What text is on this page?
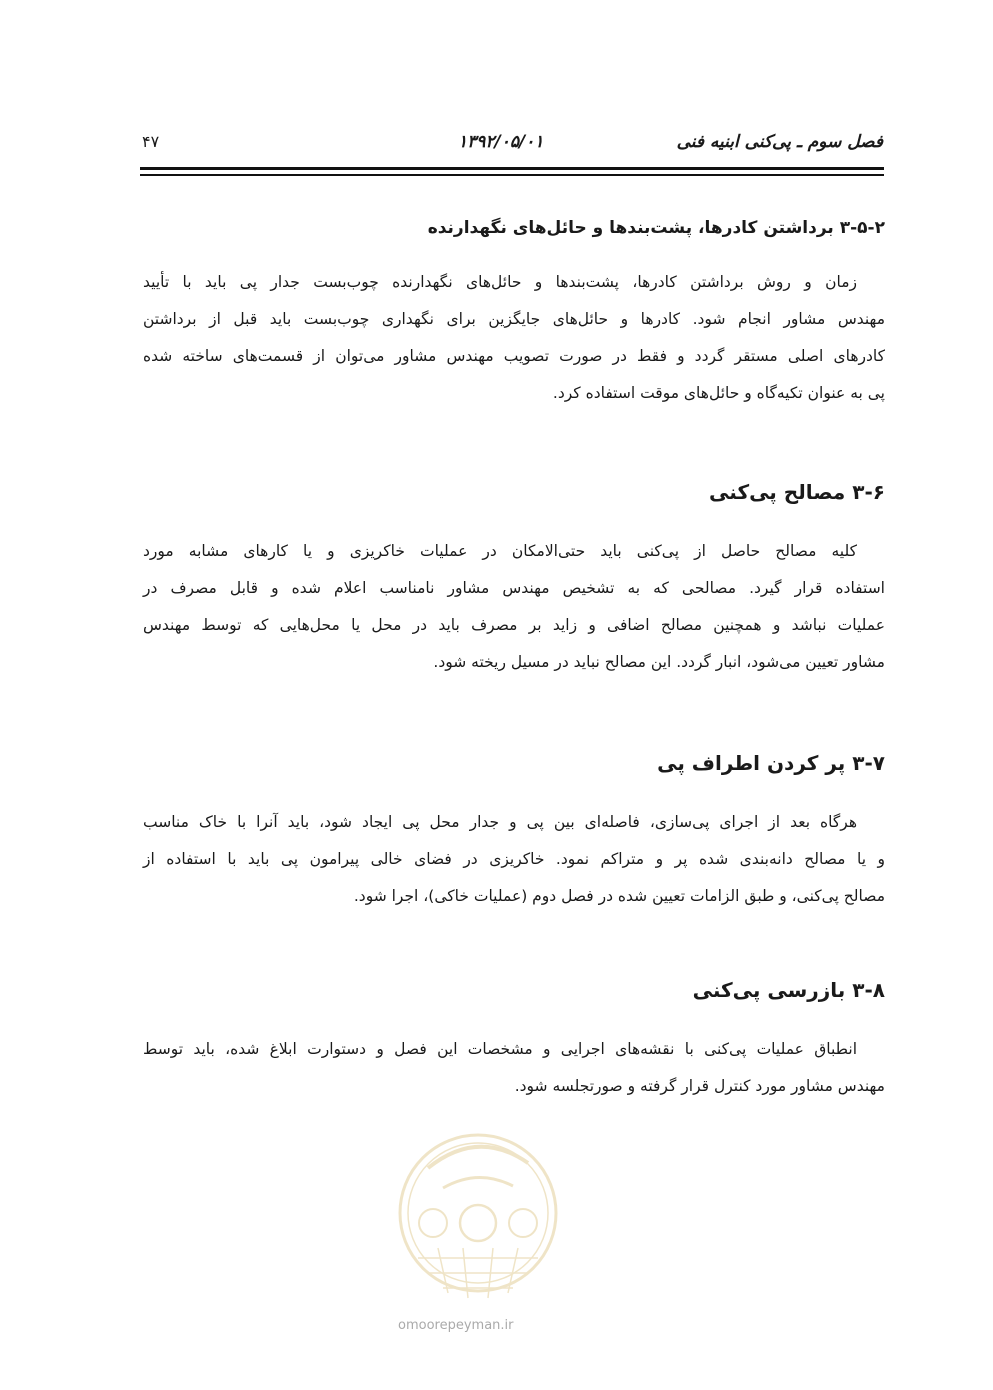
۴۷	۱۳۹۲/۰۵/۰۱	فصل سوم ـ پی‌کنی ابنیه فنی
۳-۵-۲ برداشتن کادرها، پشت‌بندها و حائل‌های نگهدارنده
زمان و روش برداشتن کادرها، پشت‌بندها و حائل‌های نگهدارنده چوب‌بست جدار پی باید با تأیید
مهندس مشاور انجام شود. کادرها و حائل‌های جایگزین برای نگهداری چوب‌بست باید قبل از برداشتن
کادرهای اصلی مستقر گردد و فقط در صورت تصویب مهندس مشاور می‌توان از قسمت‌های ساخته شده
پی به عنوان تکیه‌گاه و حائل‌های موقت استفاده کرد.
۳-۶ مصالح پی‌کنی
کلیه مصالح حاصل از پی‌کنی باید حتی‌الامکان در عملیات خاکریزی و یا کارهای مشابه مورد
استفاده قرار گیرد. مصالحی که به تشخیص مهندس مشاور نامناسب اعلام شده و قابل مصرف در
عملیات نباشد و همچنین مصالح اضافی و زاید بر مصرف باید در محل یا محل‌هایی که توسط مهندس
مشاور تعیین می‌شود، انبار گردد. این مصالح نباید در مسیل ریخته شود.
۳-۷ پر کردن اطراف پی
هرگاه بعد از اجرای پی‌سازی، فاصله‌ای بین پی و جدار محل پی ایجاد شود، باید آنرا با خاک مناسب
و یا مصالح دانه‌بندی شده پر و متراکم نمود. خاکریزی در فضای خالی پیرامون پی باید با استفاده از
مصالح پی‌کنی، و طبق الزامات تعیین شده در فصل دوم (عملیات خاکی)، اجرا شود.
۳-۸ بازرسی پی‌کنی
انطباق عملیات پی‌کنی با نقشه‌های اجرایی و مشخصات این فصل و دستوارت ابلاغ شده، باید توسط
مهندس مشاور مورد کنترل قرار گرفته و صورتجلسه شود.
omoorepeyman.ir
